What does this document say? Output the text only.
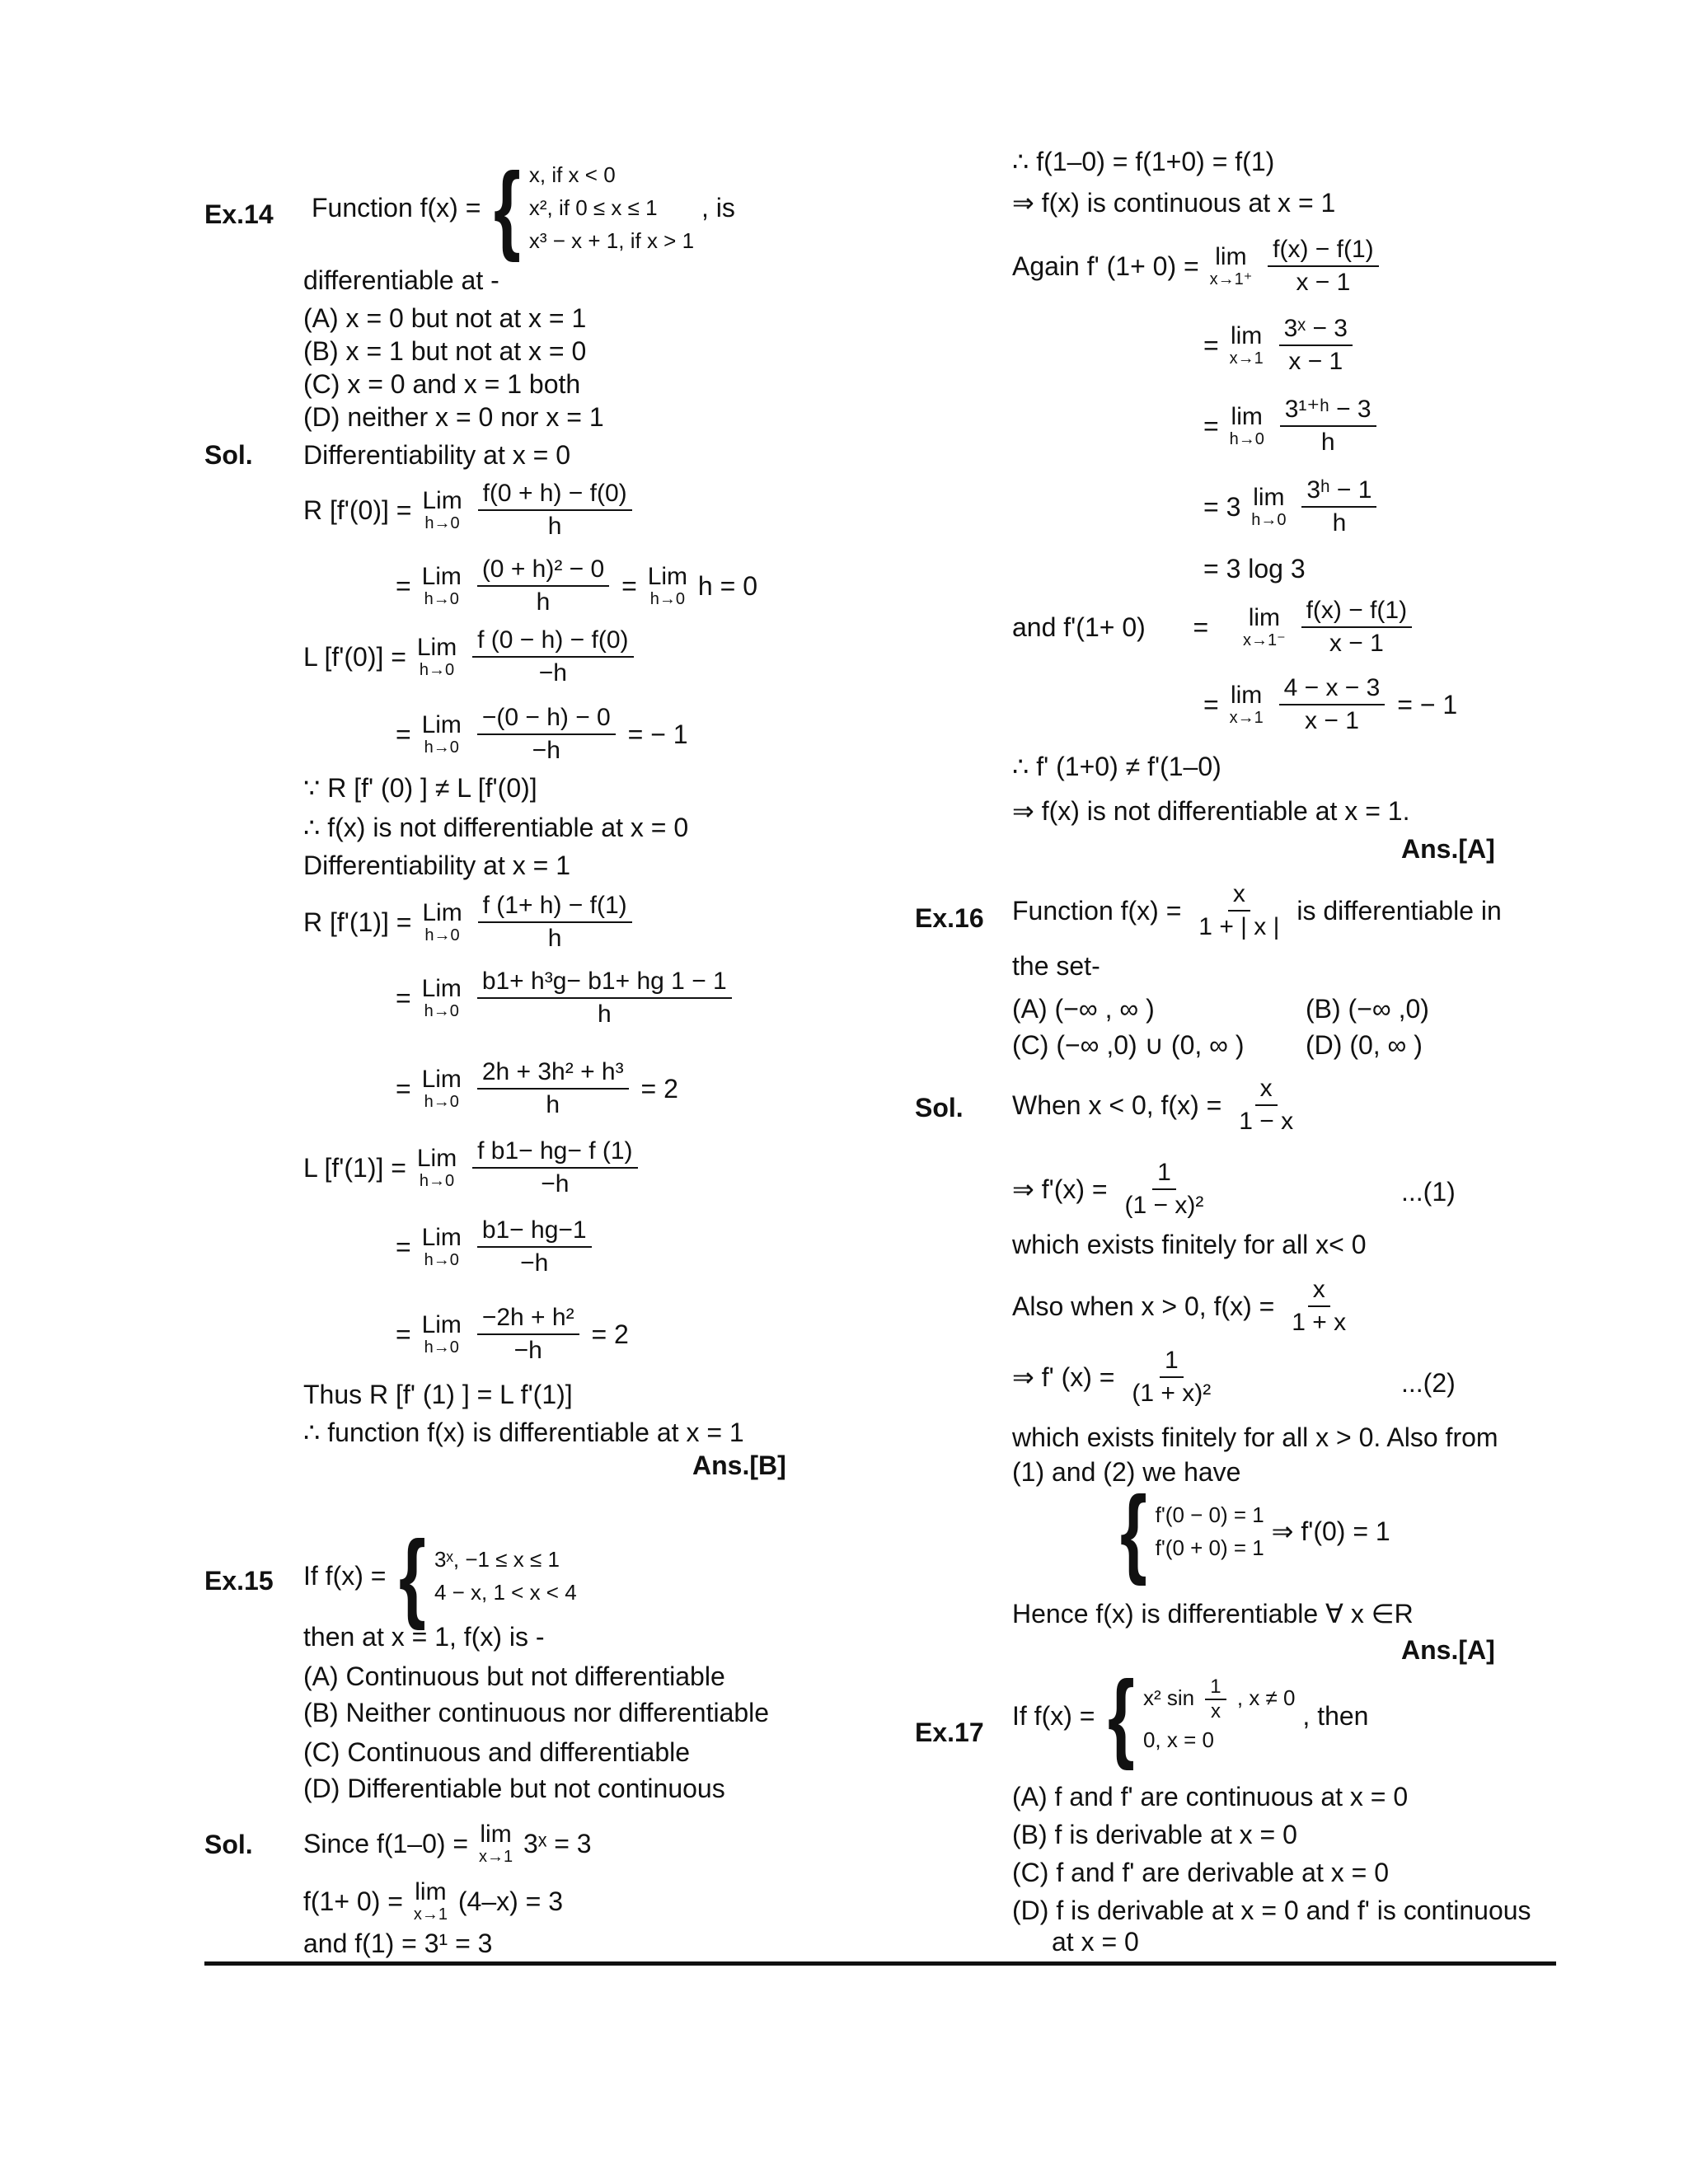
Ex.14 Function f(x) = { x, if x < 0
x², if 0 ≤ x ≤ 1
x³ − x + 1, if x > 1
, is
differentiable at -
(A) x = 0 but not at x = 1
(B) x = 1 but not at x = 0
(C) x = 0 and x = 1 both
(D) neither x = 0 nor x = 1
Sol. Differentiability at x = 0
R [f'(0)] = Lim
h→0
$\frac{f(0 + h) - f(0)}{h}$
= Lim
h→0
$\frac{\text{(0 + h)² − 0}}{h}$ = Lim
h→0 h = 0
L [f'(0)] = Lim
h→0
$\frac{f (0 - h) - f(0)}{-h}$
= Lim
h→0
$\frac{-(0 - h) - 0}{-h}$ = − 1
∵ R [f' (0) ] ≠ L [f'(0)]
∴ f(x) is not differentiable at x = 0
Differentiability at x = 1
R [f'(1)] = Lim
h→0
$\frac{f (1+ h) - f(1)}{h}$
= Lim
h→0
$\frac{\text{b1+ h³g− b1+ hg 1 − 1}}{h}$
= Lim
h→0
$\frac{\text{2h + 3h² + h³}}{h} = 2$
L [f'(1)] = Lim
h→0
$\frac{\text{f b1− hg− f (1)}}{-h}$
= Lim
h→0
$\frac{b1- hg-1}{-h}$
= Lim
h→0
$\frac{\text{−2h + h²}}{-h} = 2$
Thus R [f' (1) ] = L f'(1)]
∴ function f(x) is differentiable at x = 1
Ans.[B]
Ex.15 If f(x) = { 3ˣ, −1 ≤ x ≤ 1
4 − x, 1 < x < 4
then at x = 1, f(x) is -
(A) Continuous but not differentiable
(B) Neither continuous nor differentiable
(C) Continuous and differentiable
(D) Differentiable but not continuous
Sol. Since f(1–0) = lim
x→1 3ˣ = 3
f(1+ 0) = lim
x→1 (4–x) = 3
and f(1) = 3¹ = 3
∴ f(1–0) = f(1+0) = f(1)
⇒ f(x) is continuous at x = 1
Again f' (1+ 0) = lim
x→1⁺
$\frac{f(x) - f(1)}{x - 1}$
= lim
x→1
$\frac{\text{3ˣ − 3}}{x - 1}$
= lim
h→0
$\frac{\text{3¹⁺ʰ − 3}}{h}$
= 3 lim
h→0
$\frac{\text{3ʰ − 1}}{h}$
= 3 log 3
and f'(1+ 0) = lim
x→1⁻
$\frac{f(x) - f(1)}{x - 1}$
= lim
x→1
$\frac{4 - x - 3}{x - 1}$ = − 1
∴ f' (1+0) ≠ f'(1–0)
⇒ f(x) is not differentiable at x = 1.
Ans.[A]
Ex.16 Function $f(x) = \frac{x}{1 + | x |}$ is differentiable in
the set-
(A) (−∞ , ∞ )	(B) (−∞ ,0)
(C) (−∞ ,0) ∪ (0, ∞ ) (D) (0, ∞ )
Sol. When x < 0, $f(x) = \frac{x}{1 - x}$
⇒ $f'(x) = \frac{1}{\text{(1 − x)²}}$	...(1)
which exists finitely for all x< 0
Also when x > 0, $f(x) = \frac{x}{1 + x}$
⇒ f' $(x) = \frac{1}{\text{(1 + x)²}}$	...(2)
which exists finitely for all x > 0. Also from
(1) and (2) we have
{ f'(0 − 0) = 1
f'(0 + 0) = 1
⇒ f'(0) = 1
Hence f(x) is differentiable ∀ x ∈R
Ans.[A]
Ex.17
If f(x) = { x² $\sin \frac{1}{x}$ , x ≠ 0
0, x = 0
, then
(A) f and f' are continuous at x = 0
(B) f is derivable at x = 0
(C) f and f' are derivable at x = 0
(D) f is derivable at x = 0 and f' is continuous
at x = 0
